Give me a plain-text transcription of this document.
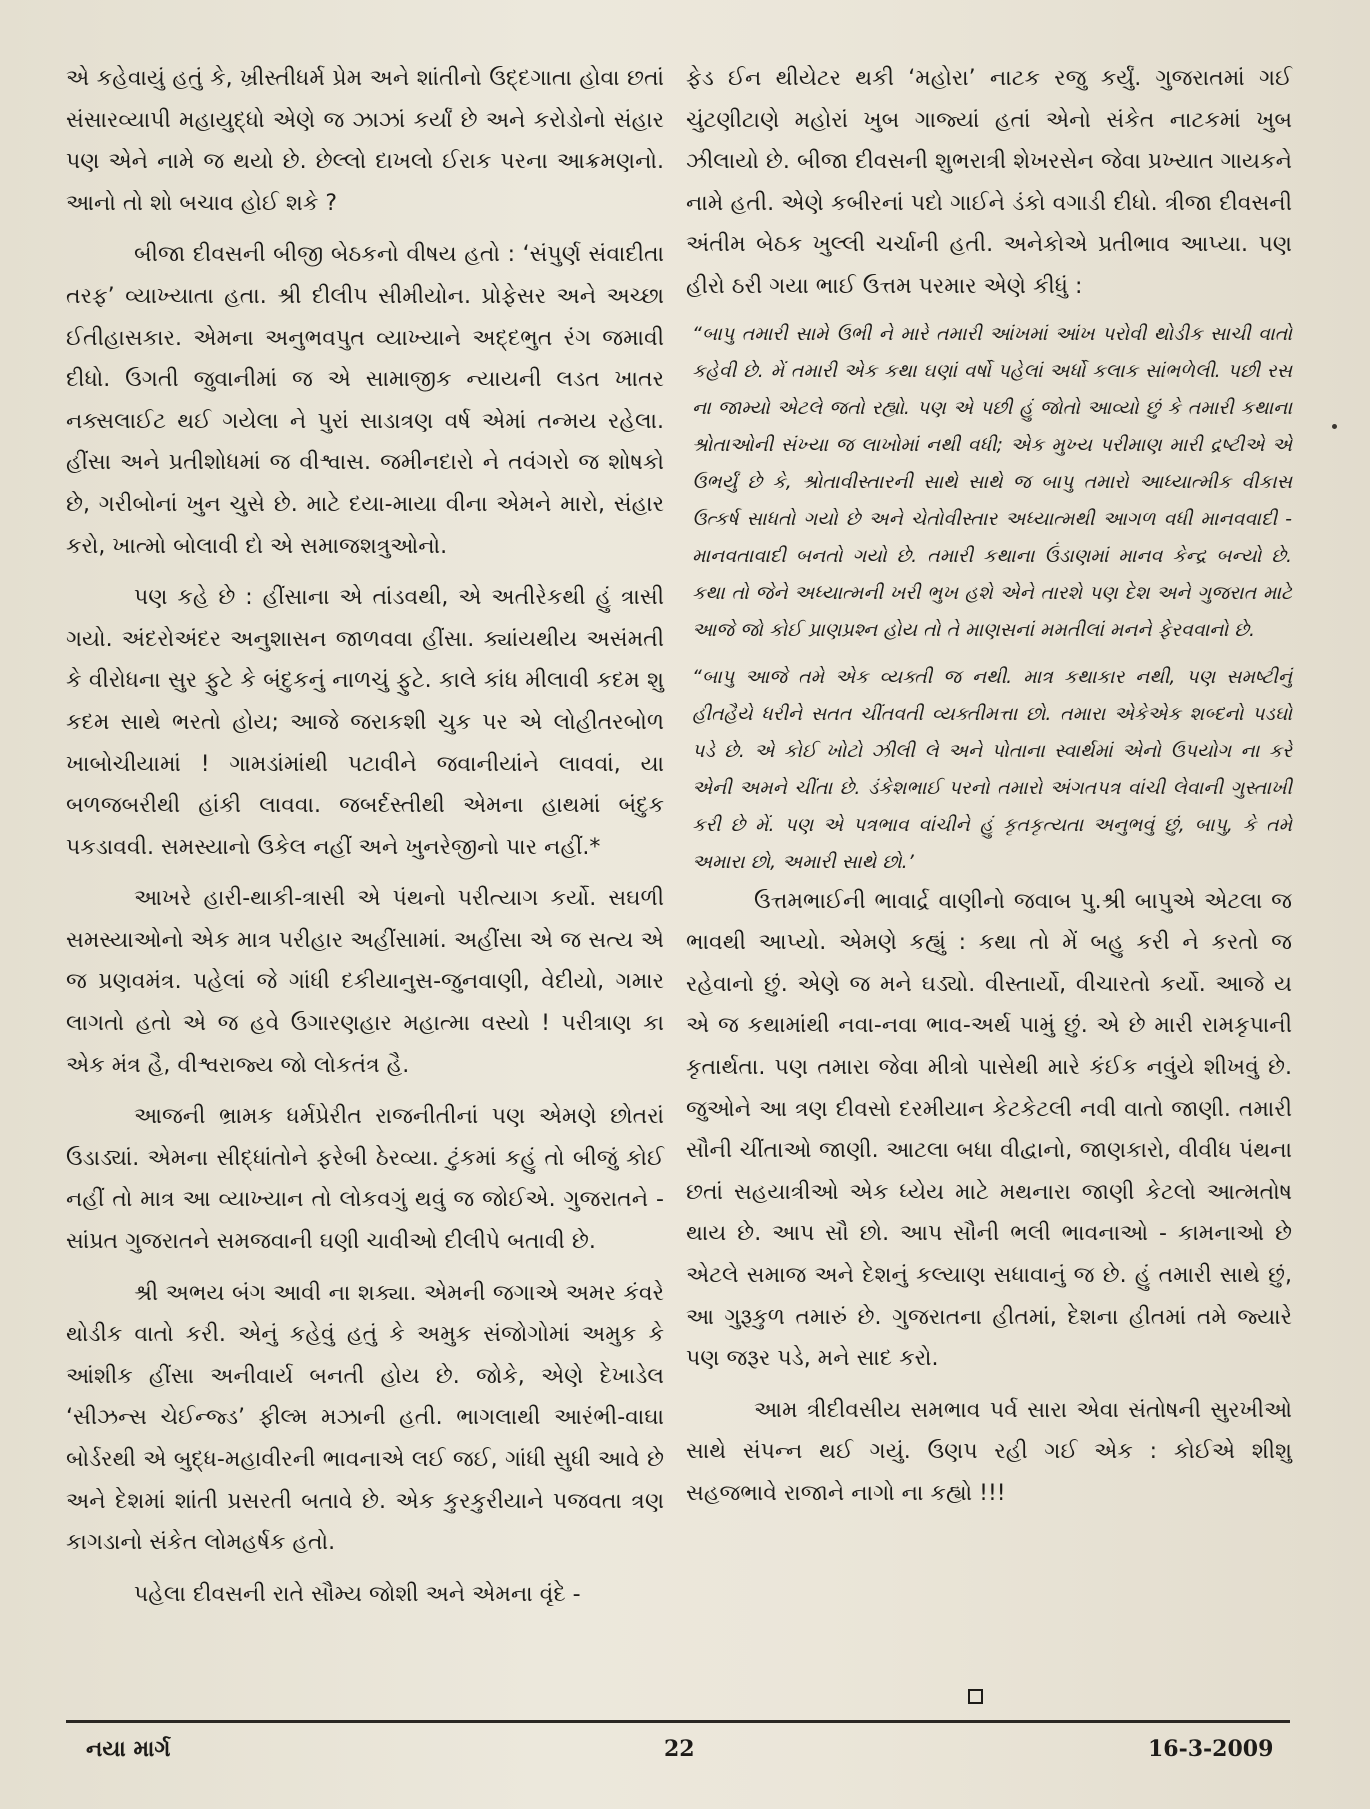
એ કહેવાયું હતું કે, ખ્રીસ્તીધર્મ પ્રેમ અને શાંતીનો ઉદ્દગાતા હોવા છતાં સંસારવ્યાપી મહાયુદ્ધો એણે જ ઝાઝાં કર્યાં છે અને કરોડોનો સંહાર પણ એને નામે જ થયો છે. છેલ્લો દાખલો ઈરાક પરના આક્રમણનો. આનો તો શો બચાવ હોઈ શકે ?

બીજા દીવસની બીજી બેઠકનો વીષય હતો : ‘સંપુર્ણ સંવાદીતા તરફ’ વ્યાખ્યાતા હતા. શ્રી દીલીપ સીમીયોન. પ્રોફેસર અને અચ્છા ઈતીહાસકાર. એમના અનુભવપુત વ્યાખ્યાને અદ્દભુત રંગ જમાવી દીધો. ઉગતી જુવાનીમાં જ એ સામાજીક ન્યાયની લડત ખાતર નક્સલાઈટ થઈ ગયેલા ને પુરાં સાડાત્રણ વર્ષ એમાં તન્મય રહેલા. હીંસા અને પ્રતીશોધમાં જ વીશ્વાસ. જમીનદારો ને તવંગરો જ શોષકો છે, ગરીબોનાં ખુન ચુસે છે. માટે દયા-માયા વીના એમને મારો, સંહાર કરો, ખાત્મો બોલાવી દો એ સમાજશત્રુઓનો.

પણ કહે છે : હીંસાના એ તાંડવથી, એ અતીરેકથી હું ત્રાસી ગયો. અંદરોઅંદર અનુશાસન જાળવવા હીંસા. ક્યાંયથીય અસંમતી કે વીરોધના સુર ફુટે કે બંદુકનું નાળચું ફુટે. કાલે કાંધ મીલાવી કદમ શુ કદમ સાથે ભરતો હોય; આજે જરાકશી ચુક પર એ લોહીતરબોળ ખાબોચીયામાં ! ગામડાંમાંથી પટાવીને જવાનીયાંને લાવવાં, યા બળજબરીથી હાંકી લાવવા. જબર્દસ્તીથી એમના હાથમાં બંદુક પકડાવવી. સમસ્યાનો ઉકેલ નહીં અને ખુનરેજીનો પાર નહીં.*

આખરે હારી-થાકી-ત્રાસી એ પંથનો પરીત્યાગ કર્યો. સઘળી સમસ્યાઓનો એક માત્ર પરીહાર અહીંસામાં. અહીંસા એ જ સત્ય એ જ પ્રણવમંત્ર. પહેલાં જે ગાંધી દકીયાનુસ-જુનવાણી, વેદીયો, ગમાર લાગતો હતો એ જ હવે ઉગારણહાર મહાત્મા વસ્યો ! પરીત્રાણ કા એક મંત્ર હૈ, વીશ્વરાજ્ય જો લોકતંત્ર હૈ.

આજની ભ્રામક ધર્મપ્રેરીત રાજનીતીનાં પણ એમણે છોતરાં ઉડાડ્યાં. એમના સીદ્ધાંતોને ફરેબી ઠેરવ્યા. ટુંકમાં કહું તો બીજું કોઈ નહીં તો માત્ર આ વ્યાખ્યાન તો લોકવગું થવું જ જોઈએ. ગુજરાતને - સાંપ્રત ગુજરાતને સમજવાની ઘણી ચાવીઓ દીલીપે બતાવી છે.

શ્રી અભય બંગ આવી ના શક્યા. એમની જગાએ અમર કંવરે થોડીક વાતો કરી. એનું કહેવું હતું કે અમુક સંજોગોમાં અમુક કે આંશીક હીંસા અનીવાર્ય બનતી હોય છે. જોકે, એણે દેખાડેલ ‘સીઝન્સ ચેઈન્જ્ડ’ ફીલ્મ મઝાની હતી. ભાગલાથી આરંભી-વાઘા બોર્ડરથી એ બુદ્ધ-મહાવીરની ભાવનાએ લઈ જઈ, ગાંધી સુધી આવે છે અને દેશમાં શાંતી પ્રસરતી બતાવે છે. એક કુરકુરીયાને પજવતા ત્રણ કાગડાનો સંકેત લોમહર્ષક હતો.

પહેલા દીવસની રાતે સૌમ્ય જોશી અને એમના વૃંદે -

ફેડ ઈન થીયેટર થકી ‘મહોરા’ નાટક રજુ કર્યું. ગુજરાતમાં ગઈ ચુંટણીટાણે મહોરાં ખુબ ગાજ્યાં હતાં એનો સંકેત નાટકમાં ખુબ ઝીલાયો છે. બીજા દીવસની શુભરાત્રી શેખરસેન જેવા પ્રખ્યાત ગાયકને નામે હતી. એણે કબીરનાં પદો ગાઈને ડંકો વગાડી દીધો. ત્રીજા દીવસની અંતીમ બેઠક ખુલ્લી ચર્ચાની હતી. અનેકોએ પ્રતીભાવ આપ્યા. પણ હીરો ઠરી ગયા ભાઈ ઉત્તમ પરમાર એણે કીધું :

“બાપુ તમારી સામે ઉભી ને મારે તમારી આંખમાં આંખ પરોવી થોડીક સાચી વાતો કહેવી છે. મેં તમારી એક કથા ઘણાં વર્ષો પહેલાં અર્ધો કલાક સાંભળેલી. પછી રસ ના જામ્યો એટલે જતો રહ્યો. પણ એ પછી હું જોતો આવ્યો છું કે તમારી કથાના શ્રોતાઓની સંખ્યા જ લાખોમાં નથી વધી; એક મુખ્ય પરીમાણ મારી દ્રષ્ટીએ એ ઉભર્યું છે કે, શ્રોતાવીસ્તારની સાથે સાથે જ બાપુ તમારો આધ્યાત્મીક વીકાસ ઉત્કર્ષ સાધતો ગયો છે અને ચેતોવીસ્તાર અધ્યાત્મથી આગળ વધી માનવવાદી - માનવતાવાદી બનતો ગયો છે. તમારી કથાના ઉંડાણમાં માનવ કેન્દ્ર બન્યો છે. કથા તો જેને અધ્યાત્મની ખરી ભુખ હશે એને તારશે પણ દેશ અને ગુજરાત માટે આજે જો કોઈ પ્રાણપ્રશ્ન હોય તો તે માણસનાં મમતીલાં મનને ફેરવવાનો છે.

“બાપુ આજે તમે એક વ્યક્તી જ નથી. માત્ર કથાકાર નથી, પણ સમષ્ટીનું હીતહૈયે ધરીને સતત ચીંતવતી વ્યક્તીમત્તા છો. તમારા એકેએક શબ્દનો પડઘો પડે છે. એ કોઈ ખોટો ઝીલી લે અને પોતાના સ્વાર્થમાં એનો ઉપયોગ ના કરે એની અમને ચીંતા છે. ડંકેશભાઈ પરનો તમારો અંગતપત્ર વાંચી લેવાની ગુસ્તાખી કરી છે મેં. પણ એ પત્રભાવ વાંચીને હું કૃતકૃત્યતા અનુભવું છું, બાપુ, કે તમે અમારા છો, અમારી સાથે છો.’

ઉત્તમભાઈની ભાવાર્દ્ર વાણીનો જવાબ પુ.શ્રી બાપુએ એટલા જ ભાવથી આપ્યો. એમણે કહ્યું : કથા તો મેં બહુ કરી ને કરતો જ રહેવાનો છું. એણે જ મને ઘડ્યો. વીસ્તાર્યો, વીચારતો કર્યો. આજે ય એ જ કથામાંથી નવા-નવા ભાવ-અર્થ પામું છું. એ છે મારી રામકૃપાની કૃતાર્થતા. પણ તમારા જેવા મીત્રો પાસેથી મારે કંઈક નવુંયે શીખવું છે. જુઓને આ ત્રણ દીવસો દરમીયાન કેટકેટલી નવી વાતો જાણી. તમારી સૌની ચીંતાઓ જાણી. આટલા બધા વીદ્વાનો, જાણકારો, વીવીધ પંથના છતાં સહયાત્રીઓ એક ધ્યેય માટે મથનારા જાણી કેટલો આત્મતોષ થાય છે. આપ સૌ છો. આપ સૌની ભલી ભાવનાઓ - કામનાઓ છે એટલે સમાજ અને દેશનું કલ્યાણ સધાવાનું જ છે. હું તમારી સાથે છું, આ ગુરૂકુળ તમારું છે. ગુજરાતના હીતમાં, દેશના હીતમાં તમે જ્યારે પણ જરૂર પડે, મને સાદ કરો.

આમ ત્રીદીવસીય સમભાવ પર્વ સારા એવા સંતોષની સુરખીઓ સાથે સંપન્ન થઈ ગયું. ઉણપ રહી ગઈ એક : કોઈએ શીશુ સહજભાવે રાજાને નાગો ના કહ્યો !!!

નયા માર્ગ	22	16-3-2009
